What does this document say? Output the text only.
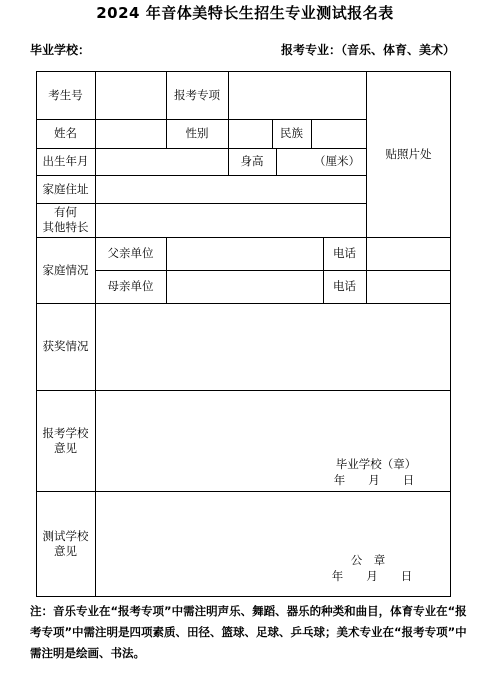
2024 年音体美特长生招生专业测试报名表
毕业学校：	报考专业：（音乐、体育、美术）
考生号	报考专项
贴照片处
姓名	性别	民族
出生年月	身高	（厘米）
家庭住址
有何
其他特长
家庭情况
父亲单位	电话
母亲单位	电话
获奖情况
报考学校
意见
毕业学校（章）
年　　月　　日
测试学校
意见
公　章
年　　月　　日
注：音乐专业在“报考专项”中需注明声乐、舞蹈、器乐的种类和曲目，体育专业在“报考专项”中需注明是四项素质、田径、篮球、足球、乒乓球；美术专业在“报考专项”中需注明是绘画、书法。
